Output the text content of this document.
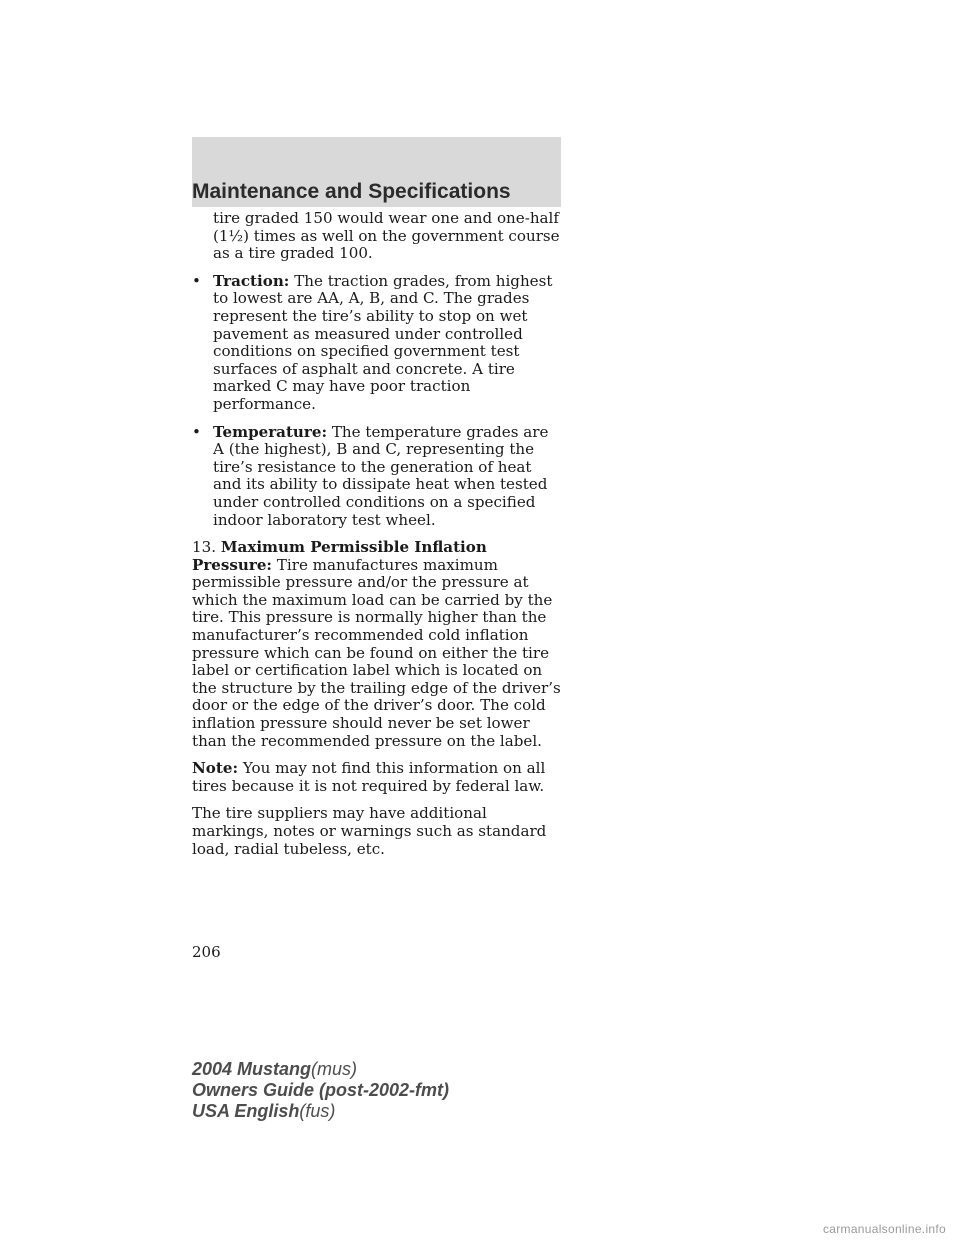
Maintenance and Specifications

tire graded 150 would wear one and one-half (1½) times as well on the government course as a tire graded 100.

• Traction: The traction grades, from highest to lowest are AA, A, B, and C. The grades represent the tire’s ability to stop on wet pavement as measured under controlled conditions on specified government test surfaces of asphalt and concrete. A tire marked C may have poor traction performance.

• Temperature: The temperature grades are A (the highest), B and C, representing the tire’s resistance to the generation of heat and its ability to dissipate heat when tested under controlled conditions on a specified indoor laboratory test wheel.

13. Maximum Permissible Inflation Pressure: Tire manufactures maximum permissible pressure and/or the pressure at which the maximum load can be carried by the tire. This pressure is normally higher than the manufacturer’s recommended cold inflation pressure which can be found on either the tire label or certification label which is located on the structure by the trailing edge of the driver’s door or the edge of the driver’s door. The cold inflation pressure should never be set lower than the recommended pressure on the label.

Note: You may not find this information on all tires because it is not required by federal law.

The tire suppliers may have additional markings, notes or warnings such as standard load, radial tubeless, etc.

206
2004 Mustang(mus)
Owners Guide (post-2002-fmt)
USA English(fus)
carmanualsonline.info
